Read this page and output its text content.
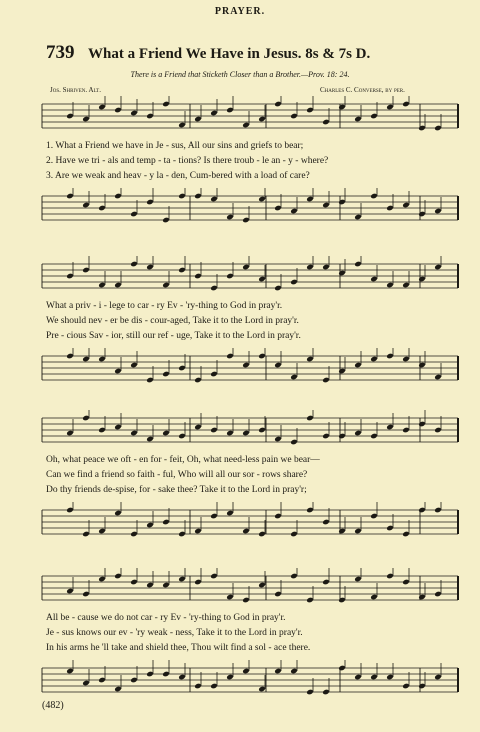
PRAYER.
739 What a Friend We Have in Jesus. 8s & 7s D.
There is a Friend that Sticketh Closer than a Brother.—Prov. 18: 24.
Jos. Shriven. Alt.	Charles C. Converse, by per.
1. What a Friend we have in Je - sus, All our sins and griefs to bear;
2. Have we tri - als and temp - ta - tions? Is there troub - le an - y - where?
3. Are we weak and heav - y la - den, Cum-bered with a load of care?
What a priv - i - lege to car - ry Ev - 'ry-thing to God in pray'r.
We should nev - er be dis - cour-aged, Take it to the Lord in pray'r.
Pre - cious Sav - ior, still our ref - uge, Take it to the Lord in pray'r.
Oh, what peace we oft - en for - feit, Oh, what need-less pain we bear—
Can we find a friend so faith - ful, Who will all our sor - rows share?
Do thy friends de-spise, for - sake thee? Take it to the Lord in pray'r;
All be - cause we do not car - ry Ev - 'ry-thing to God in pray'r.
Je - sus knows our ev - 'ry weak - ness, Take it to the Lord in pray'r.
In his arms he 'll take and shield thee, Thou wilt find a sol - ace there.
(482)
